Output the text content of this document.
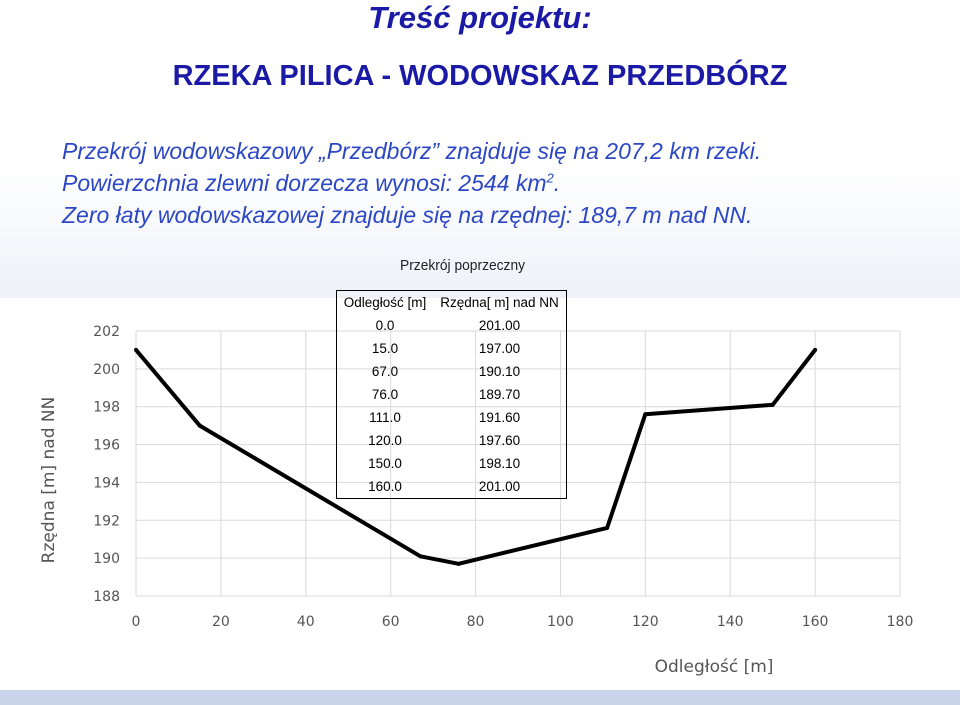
Treść projektu:
RZEKA PILICA - WODOWSKAZ PRZEDBÓRZ
Przekrój wodowskazowy „Przedbórz” znajduje się na 207,2 km rzeki.
Powierzchnia zlewni dorzecza wynosi: 2544 $km^2$.
Zero łaty wodowskazowej znajduje się na rzędnej: 189,7 m nad NN.
Przekrój poprzeczny
188
190
192
194
196
198
200
202
0	20	40	60	80	100	120	140	160	180
Odległość [m]
Rzędna [m] nad NN
Odległość [m]	Rzędna[ m] nad NN
0.0	201.00
15.0	197.00
67.0	190.10
76.0	189.70
111.0	191.60
120.0	197.60
150.0	198.10
160.0	201.00
